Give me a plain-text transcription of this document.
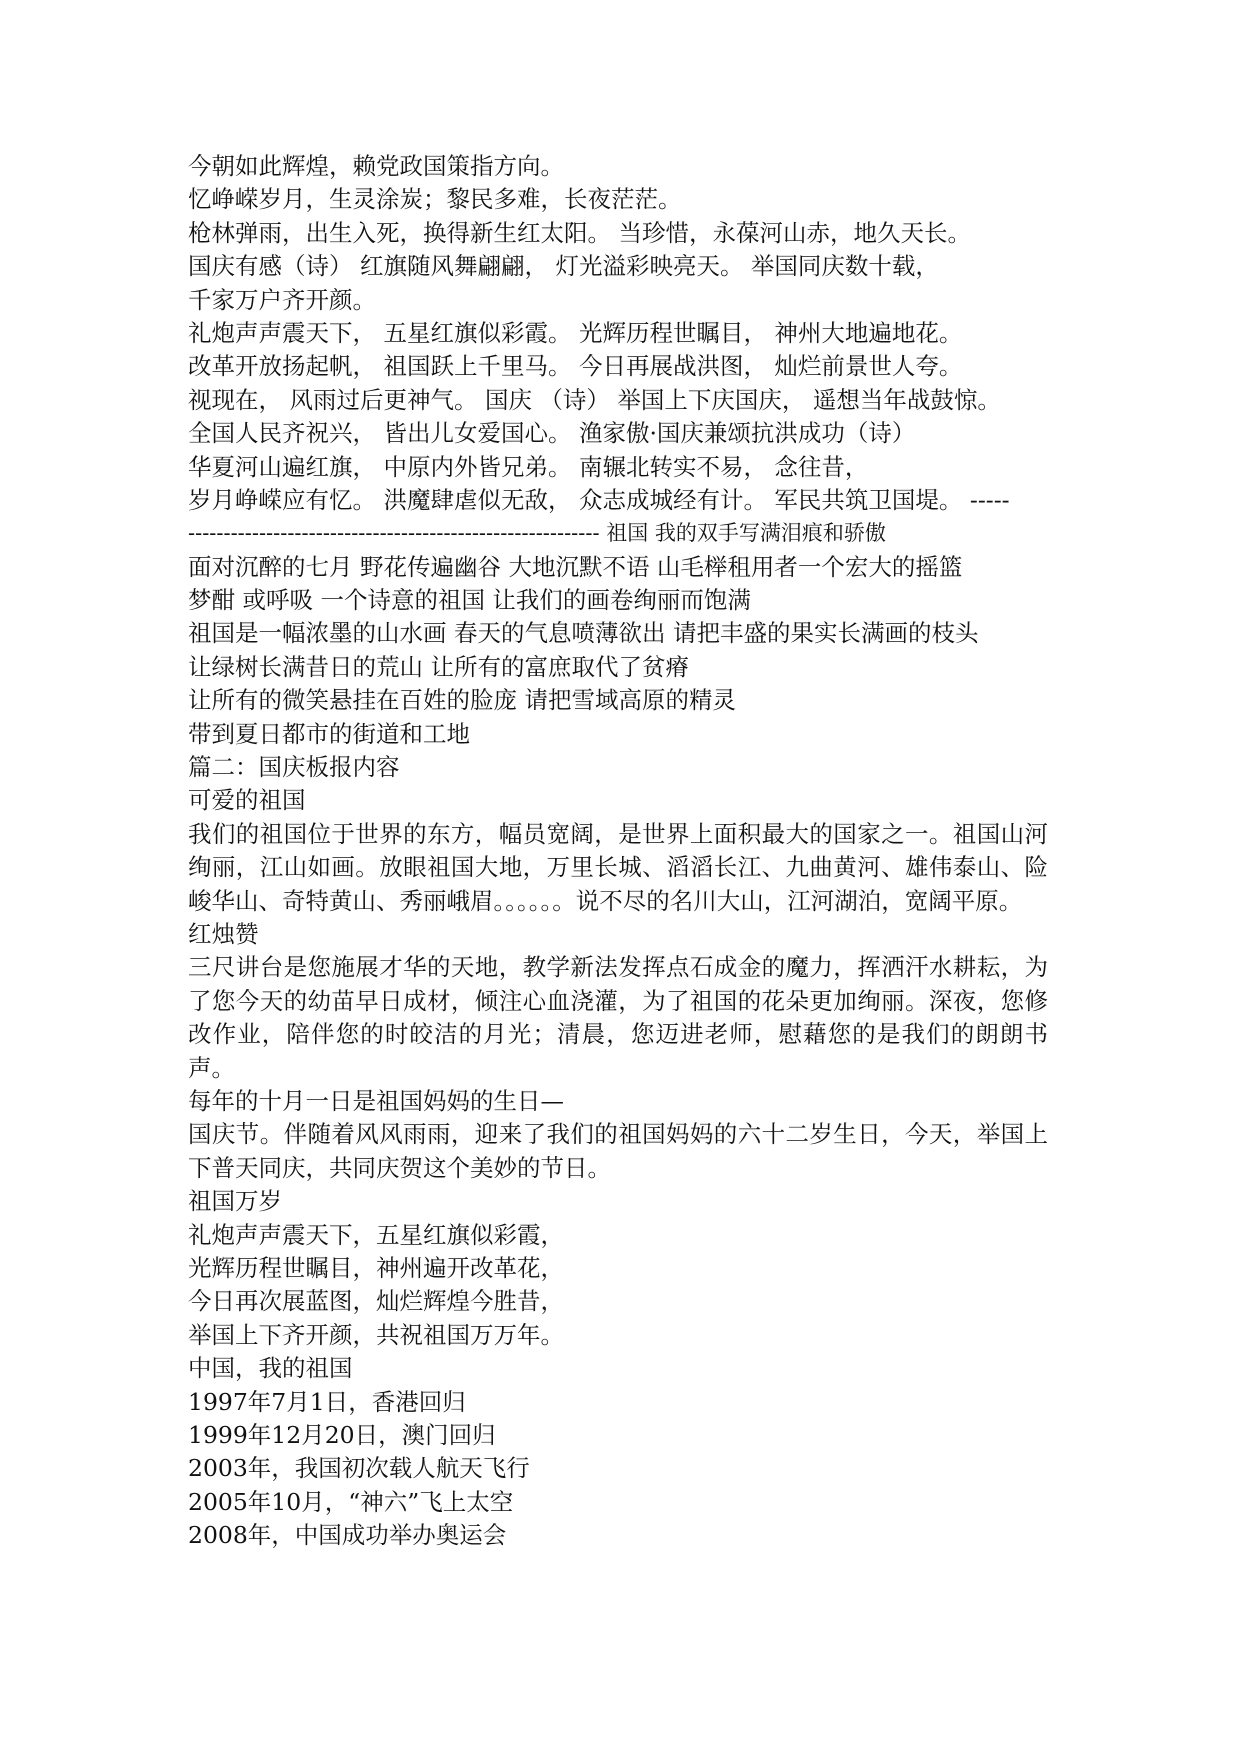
今朝如此辉煌，赖党政国策指方向。
忆峥嵘岁月，生灵涂炭；黎民多难，长夜茫茫。
枪林弹雨，出生入死，换得新生红太阳。 当珍惜，永葆河山赤，地久天长。
国庆有感（诗） 红旗随风舞翩翩， 灯光溢彩映亮天。 举国同庆数十载，
千家万户齐开颜。
礼炮声声震天下， 五星红旗似彩霞。 光辉历程世瞩目， 神州大地遍地花。
改革开放扬起帆， 祖国跃上千里马。 今日再展战洪图， 灿烂前景世人夸。
视现在， 风雨过后更神气。 国庆 （诗） 举国上下庆国庆， 遥想当年战鼓惊。
全国人民齐祝兴， 皆出儿女爱国心。 渔家傲·国庆兼颂抗洪成功（诗）
华夏河山遍红旗， 中原内外皆兄弟。 南辗北转实不易， 念往昔，
岁月峥嵘应有忆。 洪魔肆虐似无敌， 众志成城经有计。 军民共筑卫国堤。 -----
---------------------------------------------------------- 祖国 我的双手写满泪痕和骄傲
面对沉醉的七月 野花传遍幽谷 大地沉默不语 山毛榉租用者一个宏大的摇篮
梦酣 或呼吸 一个诗意的祖国 让我们的画卷绚丽而饱满
祖国是一幅浓墨的山水画 春天的气息喷薄欲出 请把丰盛的果实长满画的枝头
让绿树长满昔日的荒山 让所有的富庶取代了贫瘠
让所有的微笑悬挂在百姓的脸庞 请把雪域高原的精灵
带到夏日都市的街道和工地
篇二：国庆板报内容
可爱的祖国
我们的祖国位于世界的东方，幅员宽阔，是世界上面积最大的国家之一。祖国山河绚丽，江山如画。放眼祖国大地，万里长城、滔滔长江、九曲黄河、雄伟泰山、险峻华山、奇特黄山、秀丽峨眉。。。。。。说不尽的名川大山，江河湖泊，宽阔平原。
红烛赞
三尺讲台是您施展才华的天地，教学新法发挥点石成金的魔力，挥洒汗水耕耘，为了您今天的幼苗早日成材，倾注心血浇灌，为了祖国的花朵更加绚丽。深夜，您修改作业，陪伴您的时皎洁的月光；清晨，您迈进老师，慰藉您的是我们的朗朗书声。
每年的十月一日是祖国妈妈的生日—
国庆节。伴随着风风雨雨，迎来了我们的祖国妈妈的六十二岁生日，今天，举国上下普天同庆，共同庆贺这个美妙的节日。
祖国万岁
礼炮声声震天下，五星红旗似彩霞，
光辉历程世瞩目，神州遍开改革花，
今日再次展蓝图，灿烂辉煌今胜昔，
举国上下齐开颜，共祝祖国万万年。
中国，我的祖国
1997年7月1日，香港回归
1999年12月20日，澳门回归
2003年，我国初次载人航天飞行
2005年10月，“神六”飞上太空
2008年，中国成功举办奥运会
